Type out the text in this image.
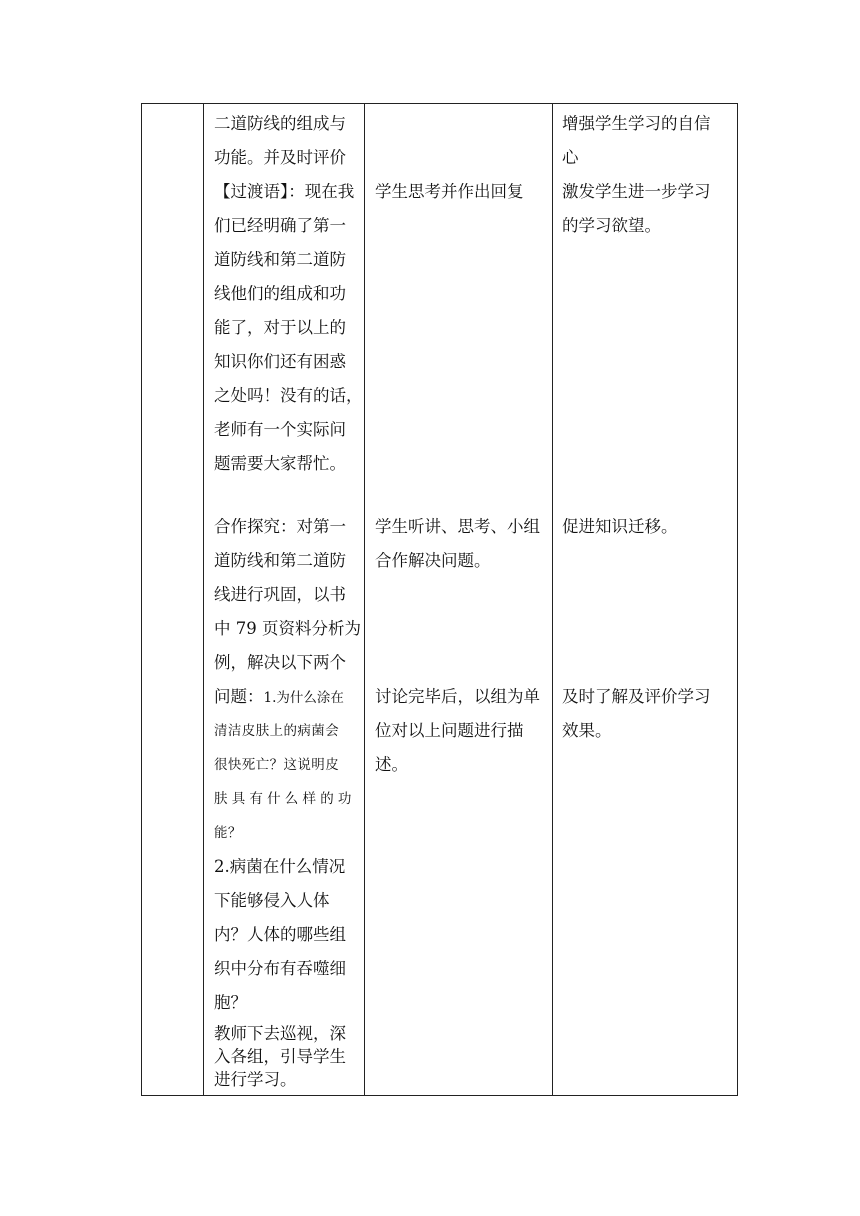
二道防线的组成与
功能。并及时评价
【过渡语】：现在我
们已经明确了第一
道防线和第二道防
线他们的组成和功
能了，对于以上的
知识你们还有困惑
之处吗！没有的话，
老师有一个实际问
题需要大家帮忙。
合作探究：对第一
道防线和第二道防
线进行巩固，以书
中 79 页资料分析为
例，解决以下两个
问题：1.为什么涂在
清洁皮肤上的病菌会
很快死亡？这说明皮
肤具有什么样的功
能？
2.病菌在什么情况
下能够侵入人体
内？人体的哪些组
织中分布有吞噬细
胞？
教师下去巡视，深
入各组，引导学生
进行学习。
学生思考并作出回复
学生听讲、思考、小组
合作解决问题。
讨论完毕后，以组为单
位对以上问题进行描
述。
增强学生学习的自信
心
激发学生进一步学习
的学习欲望。
促进知识迁移。
及时了解及评价学习
效果。
